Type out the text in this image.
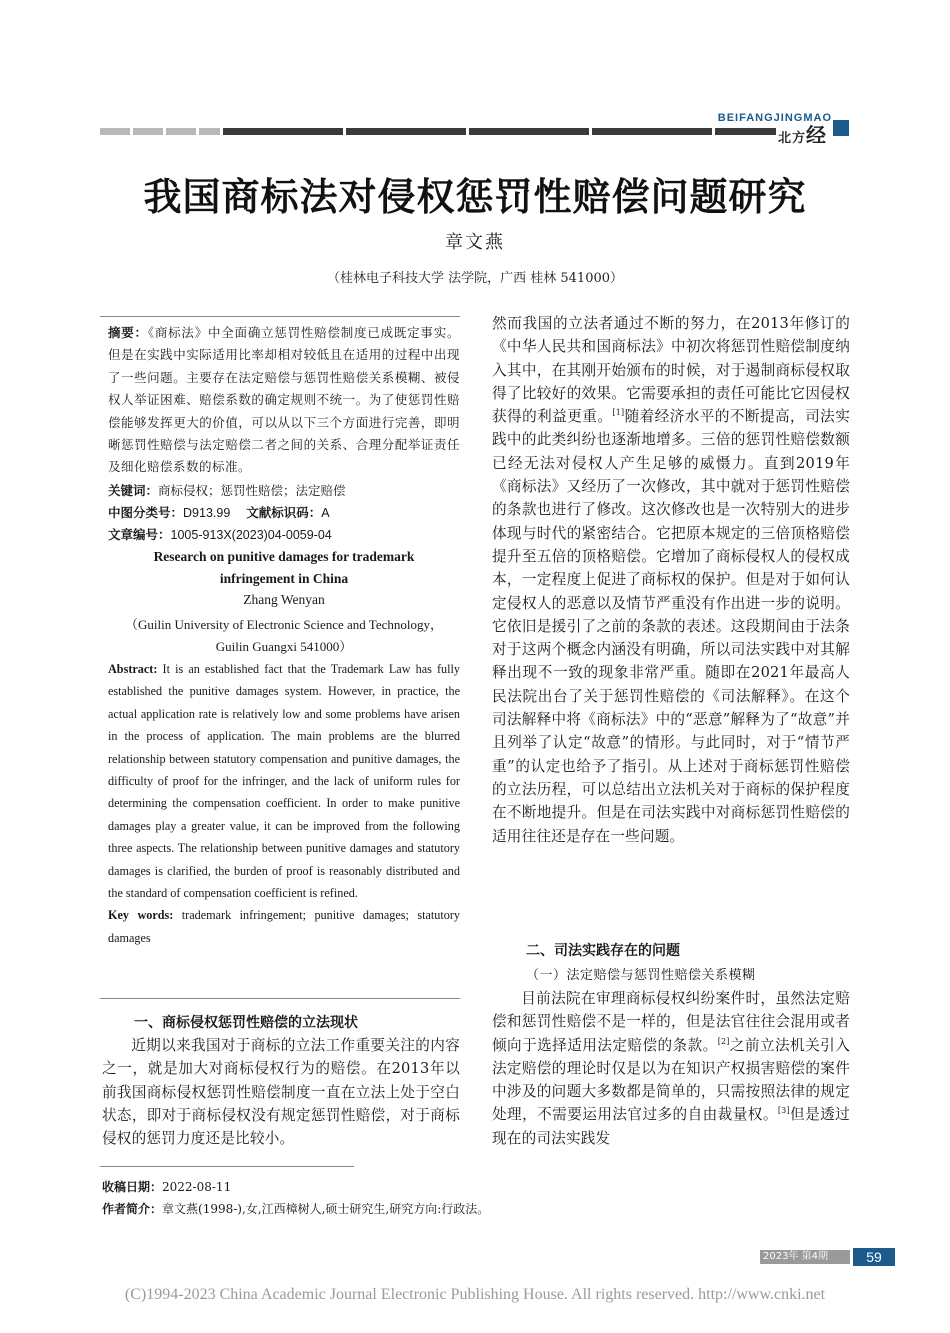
BEIFANGJINGMAO
北方经
我国商标法对侵权惩罚性赔偿问题研究
章文燕
（桂林电子科技大学 法学院，广西 桂林 541000）
摘要：《商标法》中全面确立惩罚性赔偿制度已成既定事实。但是在实践中实际适用比率却相对较低且在适用的过程中出现了一些问题。主要存在法定赔偿与惩罚性赔偿关系模糊、被侵权人举证困难、赔偿系数的确定规则不统一。为了使惩罚性赔偿能够发挥更大的价值，可以从以下三个方面进行完善，即明晰惩罚性赔偿与法定赔偿二者之间的关系、合理分配举证责任及细化赔偿系数的标准。
关键词：商标侵权；惩罚性赔偿；法定赔偿
中图分类号：D913.99 文献标识码：A
文章编号：1005-913X(2023)04-0059-04
Research on punitive damages for trademark
infringement in China
Zhang Wenyan
（Guilin University of Electronic Science and Technology，
Guilin Guangxi 541000）
Abstract: It is an established fact that the Trademark Law has fully established the punitive damages system. However, in practice, the actual application rate is relatively low and some problems have arisen in the process of application. The main problems are the blurred relationship between statutory compensation and punitive damages, the difficulty of proof for the infringer, and the lack of uniform rules for determining the compensation coefficient. In order to make punitive damages play a greater value, it can be improved from the following three aspects. The relationship between punitive damages and statutory damages is clarified, the burden of proof is reasonably distributed and the standard of compensation coefficient is refined.
Key words: trademark infringement; punitive damages; statutory damages
一、商标侵权惩罚性赔偿的立法现状

近期以来我国对于商标的立法工作重要关注的内容之一，就是加大对商标侵权行为的赔偿。在2013年以前我国商标侵权惩罚性赔偿制度一直在立法上处于空白状态，即对于商标侵权没有规定惩罚性赔偿，对于商标侵权的惩罚力度还是比较小。

然而我国的立法者通过不断的努力，在2013年修订的《中华人民共和国商标法》中初次将惩罚性赔偿制度纳入其中，在其刚开始颁布的时候，对于遏制商标侵权取得了比较好的效果。它需要承担的责任可能比它因侵权获得的利益更重。[1]随着经济水平的不断提高，司法实践中的此类纠纷也逐渐地增多。三倍的惩罚性赔偿数额已经无法对侵权人产生足够的威慑力。直到2019年《商标法》又经历了一次修改，其中就对于惩罚性赔偿的条款也进行了修改。这次修改也是一次特别大的进步体现与时代的紧密结合。它把原本规定的三倍顶格赔偿提升至五倍的顶格赔偿。它增加了商标侵权人的侵权成本，一定程度上促进了商标权的保护。但是对于如何认定侵权人的恶意以及情节严重没有作出进一步的说明。它依旧是援引了之前的条款的表述。这段期间由于法条对于这两个概念内涵没有明确，所以司法实践中对其解释出现不一致的现象非常严重。随即在2021年最高人民法院出台了关于惩罚性赔偿的《司法解释》。在这个司法解释中将《商标法》中的“恶意”解释为了“故意”并且列举了认定“故意”的情形。与此同时，对于“情节严重”的认定也给予了指引。从上述对于商标惩罚性赔偿的立法历程，可以总结出立法机关对于商标的保护程度在不断地提升。但是在司法实践中对商标惩罚性赔偿的适用往往还是存在一些问题。

二、司法实践存在的问题
（一）法定赔偿与惩罚性赔偿关系模糊

目前法院在审理商标侵权纠纷案件时，虽然法定赔偿和惩罚性赔偿不是一样的，但是法官往往会混用或者倾向于选择适用法定赔偿的条款。[2]之前立法机关引入法定赔偿的理论时仅是以为在知识产权损害赔偿的案件中涉及的问题大多数都是简单的，只需按照法律的规定处理，不需要运用法官过多的自由裁量权。[3]但是透过现在的司法实践发

收稿日期：2022-08-11
作者简介：章文燕(1998-),女,江西樟树人,硕士研究生,研究方向:行政法。
2023年 第4期	59
(C)1994-2023 China Academic Journal Electronic Publishing House. All rights reserved. http://www.cnki.net
